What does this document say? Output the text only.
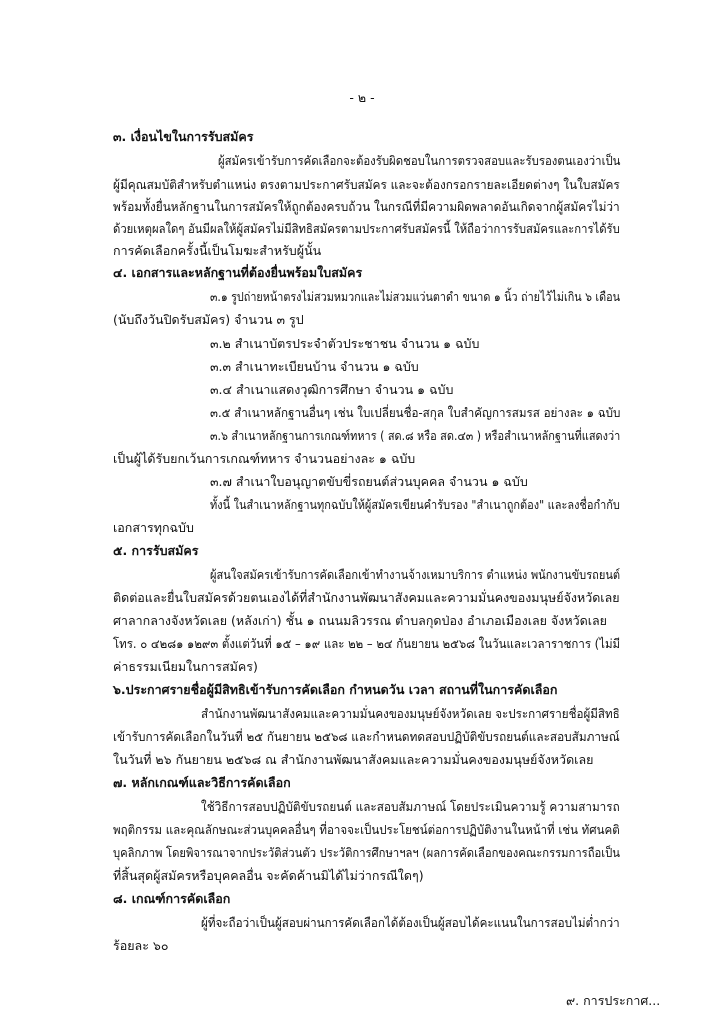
- ๒ -
๓. เงื่อนไขในการรับสมัคร
ผู้สมัครเข้ารับการคัดเลือกจะต้องรับผิดชอบในการตรวจสอบและรับรองตนเองว่าเป็น
ผู้มีคุณสมบัติสำหรับตำแหน่ง ตรงตามประกาศรับสมัคร และจะต้องกรอกรายละเอียดต่างๆ ในใบสมัคร
พร้อมทั้งยื่นหลักฐานในการสมัครให้ถูกต้องครบถ้วน ในกรณีที่มีความผิดพลาดอันเกิดจากผู้สมัครไม่ว่า
ด้วยเหตุผลใดๆ อันมีผลให้ผู้สมัครไม่มีสิทธิสมัครตามประกาศรับสมัครนี้ ให้ถือว่าการรับสมัครและการได้รับ
การคัดเลือกครั้งนี้เป็นโมฆะสำหรับผู้นั้น
๔. เอกสารและหลักฐานที่ต้องยื่นพร้อมใบสมัคร
๓.๑ รูปถ่ายหน้าตรงไม่สวมหมวกและไม่สวมแว่นตาดำ ขนาด ๑ นิ้ว ถ่ายไว้ไม่เกิน ๖ เดือน
(นับถึงวันปิดรับสมัคร) จำนวน ๓ รูป
๓.๒ สำเนาบัตรประจำตัวประชาชน จำนวน ๑ ฉบับ
๓.๓ สำเนาทะเบียนบ้าน จำนวน ๑ ฉบับ
๓.๔ สำเนาแสดงวุฒิการศึกษา จำนวน ๑ ฉบับ
๓.๕ สำเนาหลักฐานอื่นๆ เช่น ใบเปลี่ยนชื่อ-สกุล ใบสำคัญการสมรส อย่างละ ๑ ฉบับ
๓.๖ สำเนาหลักฐานการเกณฑ์ทหาร ( สด.๘ หรือ สด.๔๓ ) หรือสำเนาหลักฐานที่แสดงว่า
เป็นผู้ได้รับยกเว้นการเกณฑ์ทหาร จำนวนอย่างละ ๑ ฉบับ
๓.๗ สำเนาใบอนุญาตขับขี่รถยนต์ส่วนบุคคล จำนวน ๑ ฉบับ
ทั้งนี้ ในสำเนาหลักฐานทุกฉบับให้ผู้สมัครเขียนคำรับรอง "สำเนาถูกต้อง" และลงชื่อกำกับ
เอกสารทุกฉบับ
๕. การรับสมัคร
ผู้สนใจสมัครเข้ารับการคัดเลือกเข้าทำงานจ้างเหมาบริการ ตำแหน่ง พนักงานขับรถยนต์
ติดต่อและยื่นใบสมัครด้วยตนเองได้ที่สำนักงานพัฒนาสังคมและความมั่นคงของมนุษย์จังหวัดเลย
ศาลากลางจังหวัดเลย (หลังเก่า) ชั้น ๑ ถนนมลิวรรณ ตำบลกุดป่อง อำเภอเมืองเลย จังหวัดเลย
โทร. ๐ ๔๒๘๑ ๑๒๙๓ ตั้งแต่วันที่ ๑๕ – ๑๙ และ ๒๒ – ๒๔ กันยายน ๒๕๖๘ ในวันและเวลาราชการ (ไม่มี
ค่าธรรมเนียมในการสมัคร)
๖.ประกาศรายชื่อผู้มีสิทธิเข้ารับการคัดเลือก กำหนดวัน เวลา สถานที่ในการคัดเลือก
สำนักงานพัฒนาสังคมและความมั่นคงของมนุษย์จังหวัดเลย จะประกาศรายชื่อผู้มีสิทธิ
เข้ารับการคัดเลือกในวันที่ ๒๕ กันยายน ๒๕๖๘ และกำหนดทดสอบปฏิบัติขับรถยนต์และสอบสัมภาษณ์
ในวันที่ ๒๖ กันยายน ๒๕๖๘ ณ สำนักงานพัฒนาสังคมและความมั่นคงของมนุษย์จังหวัดเลย
๗. หลักเกณฑ์และวิธีการคัดเลือก
ใช้วิธีการสอบปฏิบัติขับรถยนต์ และสอบสัมภาษณ์ โดยประเมินความรู้ ความสามารถ
พฤติกรรม และคุณลักษณะส่วนบุคคลอื่นๆ ที่อาจจะเป็นประโยชน์ต่อการปฏิบัติงานในหน้าที่ เช่น ทัศนคติ
บุคลิกภาพ โดยพิจารณาจากประวัติส่วนตัว ประวัติการศึกษาฯลฯ (ผลการคัดเลือกของคณะกรรมการถือเป็น
ที่สิ้นสุดผู้สมัครหรือบุคคลอื่น จะคัดค้านมิได้ไม่ว่ากรณีใดๆ)
๘. เกณฑ์การคัดเลือก
ผู้ที่จะถือว่าเป็นผู้สอบผ่านการคัดเลือกได้ต้องเป็นผู้สอบได้คะแนนในการสอบไม่ต่ำกว่า
ร้อยละ ๖๐
๙. การประกาศ...
